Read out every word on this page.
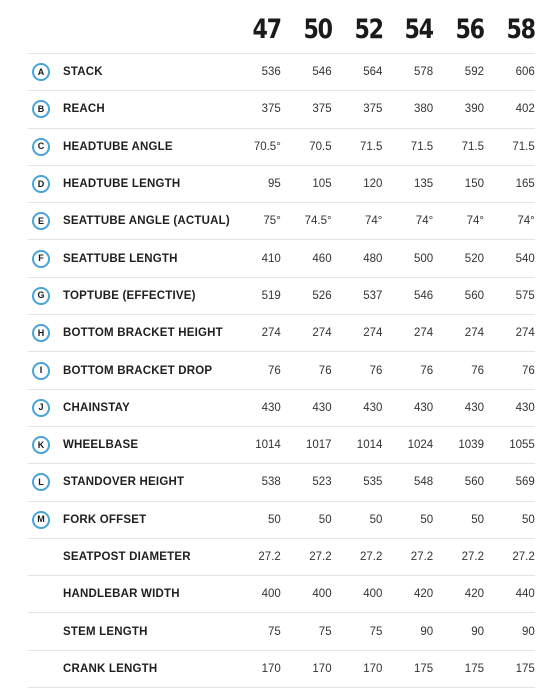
47 50 52 54 56 58
A	STACK	536	546	564	578	592	606
B	REACH	375	375	375	380	390	402
C	HEADTUBE ANGLE	70.5°	70.5	71.5	71.5	71.5	71.5
D	HEADTUBE LENGTH	95	105	120	135	150	165
E	SEATTUBE ANGLE (ACTUAL)	75°	74.5°	74°	74°	74°	74°
F	SEATTUBE LENGTH	410	460	480	500	520	540
G	TOPTUBE (EFFECTIVE)	519	526	537	546	560	575
H	BOTTOM BRACKET HEIGHT	274	274	274	274	274	274
I	BOTTOM BRACKET DROP	76	76	76	76	76	76
J	CHAINSTAY	430	430	430	430	430	430
K	WHEELBASE	1014	1017	1014	1024	1039	1055
L	STANDOVER HEIGHT	538	523	535	548	560	569
M	FORK OFFSET	50	50	50	50	50	50
SEATPOST DIAMETER	27.2	27.2	27.2	27.2	27.2	27.2
HANDLEBAR WIDTH	400	400	400	420	420	440
STEM LENGTH	75	75	75	90	90	90
CRANK LENGTH	170	170	170	175	175	175
